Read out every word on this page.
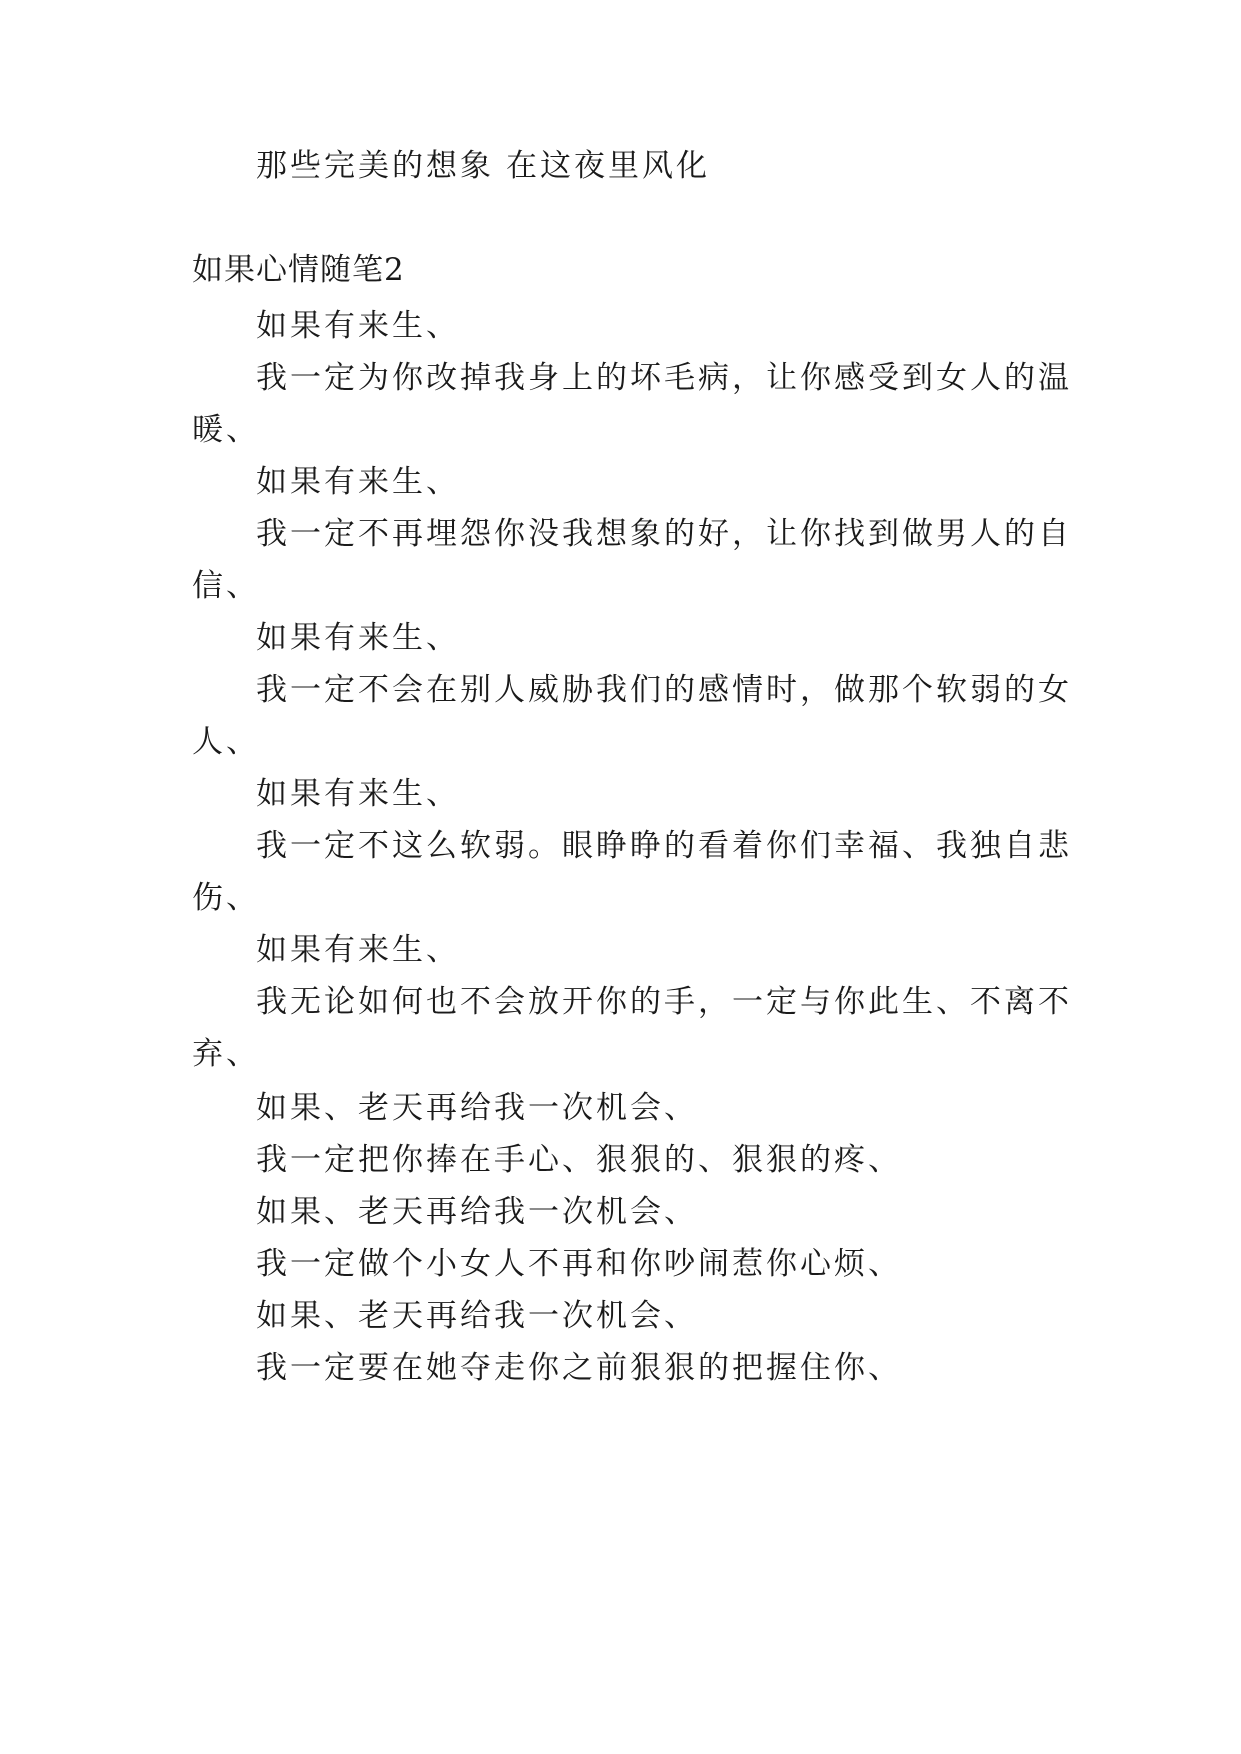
那些完美的想象 在这夜里风化
如果心情随笔2
如果有来生、
我一定为你改掉我身上的坏毛病，让你感受到女人的温
暖、
如果有来生、
我一定不再埋怨你没我想象的好，让你找到做男人的自
信、
如果有来生、
我一定不会在别人威胁我们的感情时，做那个软弱的女
人、
如果有来生、
我一定不这么软弱。眼睁睁的看着你们幸福、我独自悲
伤、
如果有来生、
我无论如何也不会放开你的手，一定与你此生、不离不
弃、
如果、老天再给我一次机会、
我一定把你捧在手心、狠狠的、狠狠的疼、
如果、老天再给我一次机会、
我一定做个小女人不再和你吵闹惹你心烦、
如果、老天再给我一次机会、
我一定要在她夺走你之前狠狠的把握住你、
